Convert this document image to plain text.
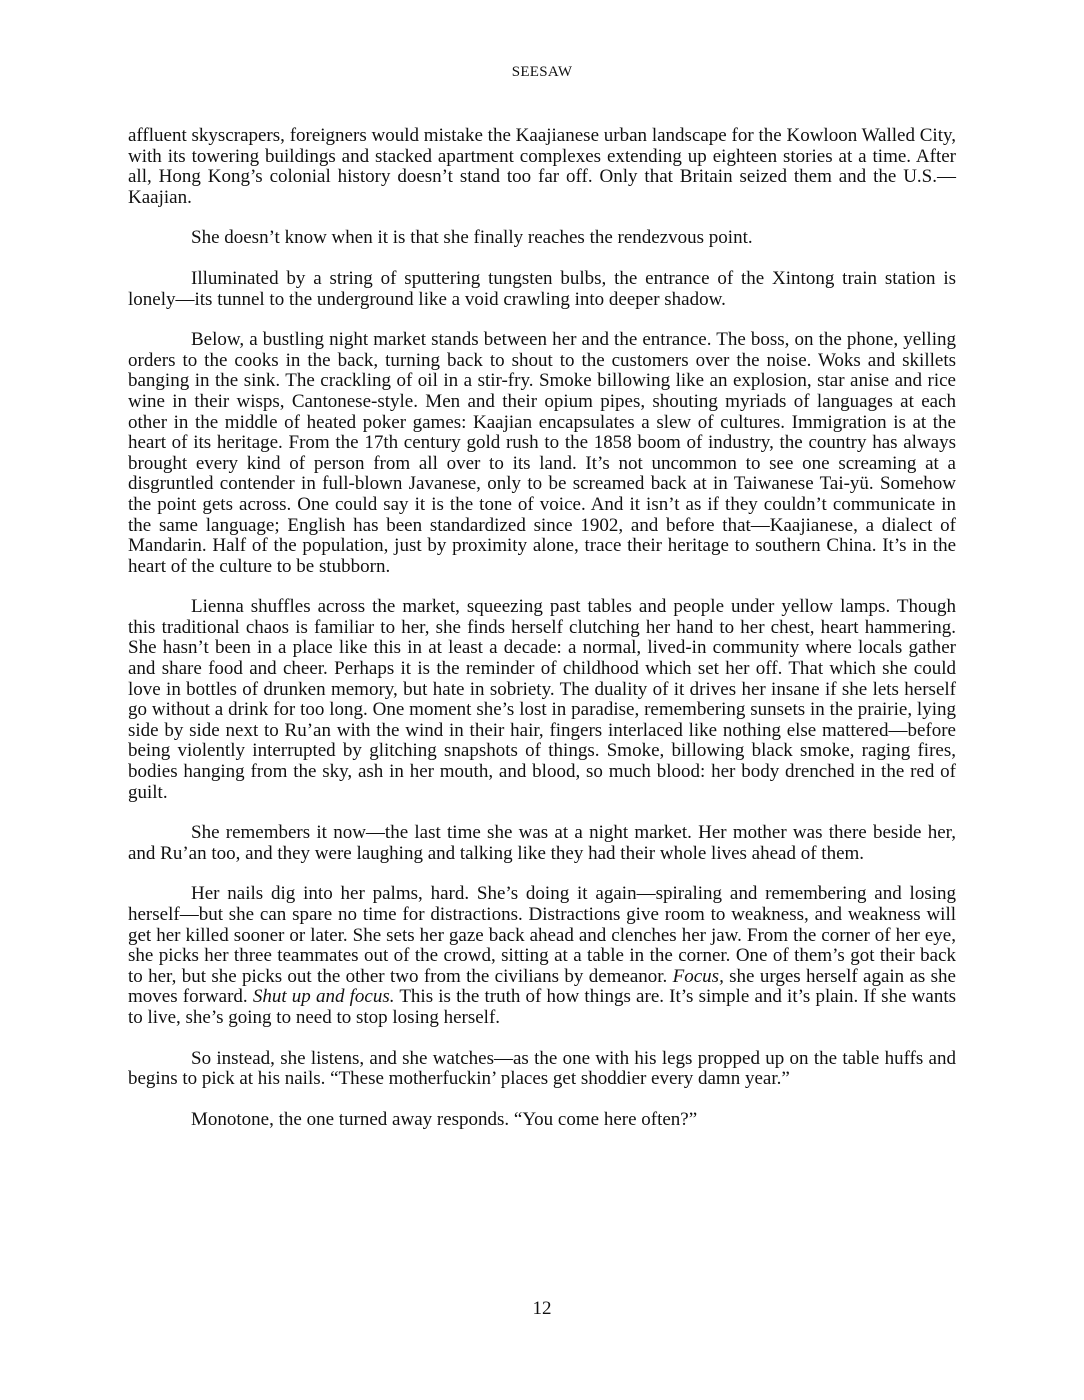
SEESAW

affluent skyscrapers, foreigners would mistake the Kaajianese urban landscape for the Kowloon Walled City, with its towering buildings and stacked apartment complexes extending up eighteen stories at a time. After all, Hong Kong’s colonial history doesn’t stand too far off. Only that Britain seized them and the U.S.—Kaajian.

She doesn’t know when it is that she finally reaches the rendezvous point.

Illuminated by a string of sputtering tungsten bulbs, the entrance of the Xintong train station is lonely—its tunnel to the underground like a void crawling into deeper shadow.

Below, a bustling night market stands between her and the entrance. The boss, on the phone, yelling orders to the cooks in the back, turning back to shout to the customers over the noise. Woks and skillets banging in the sink. The crackling of oil in a stir-fry. Smoke billowing like an explosion, star anise and rice wine in their wisps, Cantonese-style. Men and their opium pipes, shouting myriads of languages at each other in the middle of heated poker games: Kaajian encapsulates a slew of cultures. Immigration is at the heart of its heritage. From the 17th century gold rush to the 1858 boom of industry, the country has always brought every kind of person from all over to its land. It’s not uncommon to see one screaming at a disgruntled contender in full-blown Javanese, only to be screamed back at in Taiwanese Tai-yü. Somehow the point gets across. One could say it is the tone of voice. And it isn’t as if they couldn’t communicate in the same language; English has been standardized since 1902, and before that—Kaajianese, a dialect of Mandarin. Half of the population, just by proximity alone, trace their heritage to southern China. It’s in the heart of the culture to be stubborn.

Lienna shuffles across the market, squeezing past tables and people under yellow lamps. Though this traditional chaos is familiar to her, she finds herself clutching her hand to her chest, heart hammering. She hasn’t been in a place like this in at least a decade: a normal, lived-in community where locals gather and share food and cheer. Perhaps it is the reminder of childhood which set her off. That which she could love in bottles of drunken memory, but hate in sobriety. The duality of it drives her insane if she lets herself go without a drink for too long. One moment she’s lost in paradise, remembering sunsets in the prairie, lying side by side next to Ru’an with the wind in their hair, fingers interlaced like nothing else mattered—before being violently interrupted by glitching snapshots of things. Smoke, billowing black smoke, raging fires, bodies hanging from the sky, ash in her mouth, and blood, so much blood: her body drenched in the red of guilt.

She remembers it now—the last time she was at a night market. Her mother was there beside her, and Ru’an too, and they were laughing and talking like they had their whole lives ahead of them.

Her nails dig into her palms, hard. She’s doing it again—spiraling and remembering and losing herself—but she can spare no time for distractions. Distractions give room to weakness, and weakness will get her killed sooner or later. She sets her gaze back ahead and clenches her jaw. From the corner of her eye, she picks her three teammates out of the crowd, sitting at a table in the corner. One of them’s got their back to her, but she picks out the other two from the civilians by demeanor. Focus, she urges herself again as she moves forward. Shut up and focus. This is the truth of how things are. It’s simple and it’s plain. If she wants to live, she’s going to need to stop losing herself.

So instead, she listens, and she watches—as the one with his legs propped up on the table huffs and begins to pick at his nails. “These motherfuckin’ places get shoddier every damn year.”

Monotone, the one turned away responds. “You come here often?”

12
